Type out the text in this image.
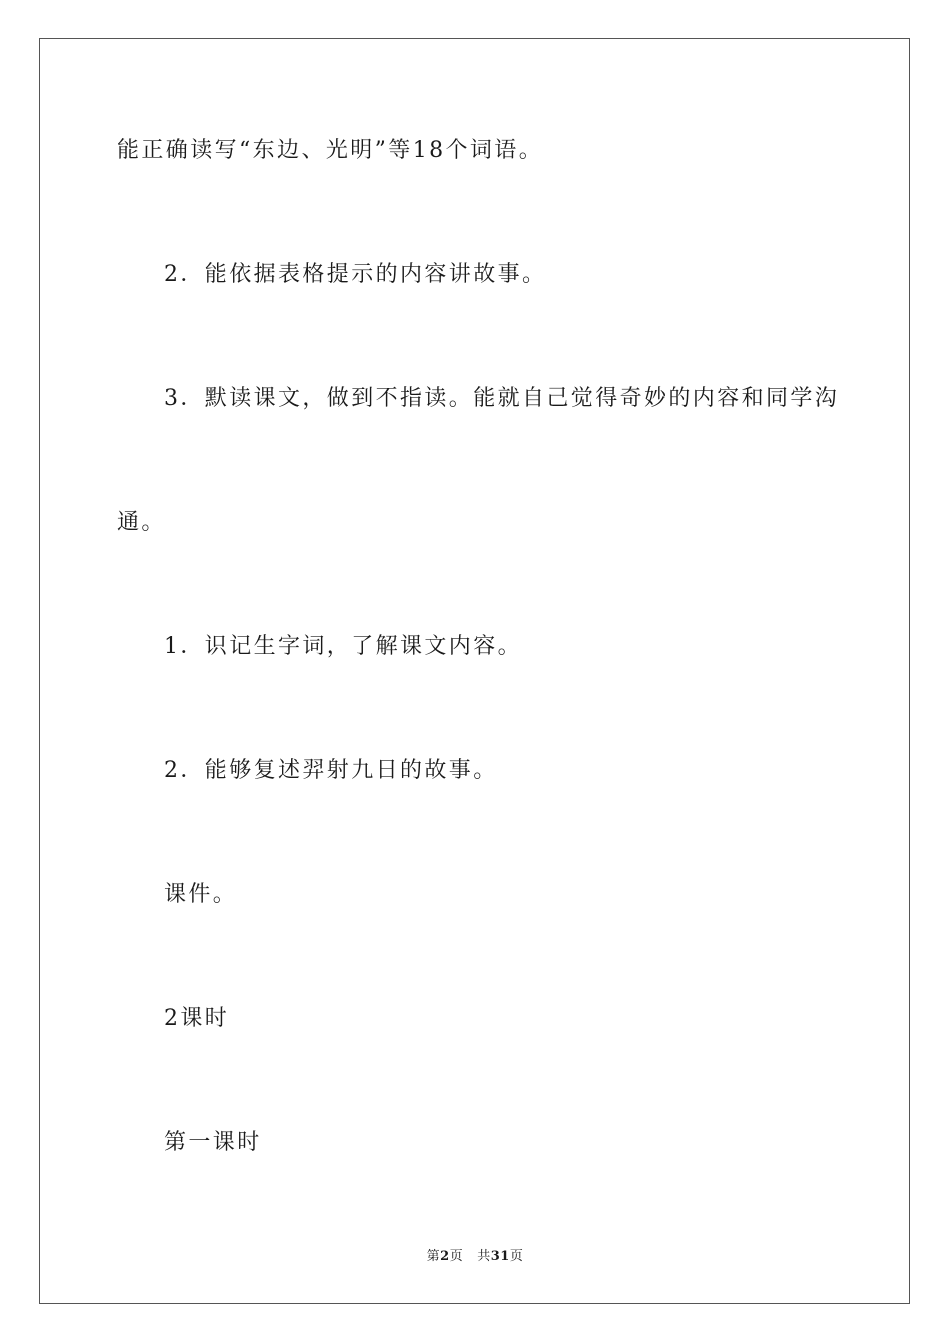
能正确读写“东边、光明”等18个词语。

2．能依据表格提示的内容讲故事。

3．默读课文，做到不指读。能就自己觉得奇妙的内容和同学沟

通。

1．识记生字词，了解课文内容。

2．能够复述羿射九日的故事。

课件。

2课时

第一课时

第2页 共31页
